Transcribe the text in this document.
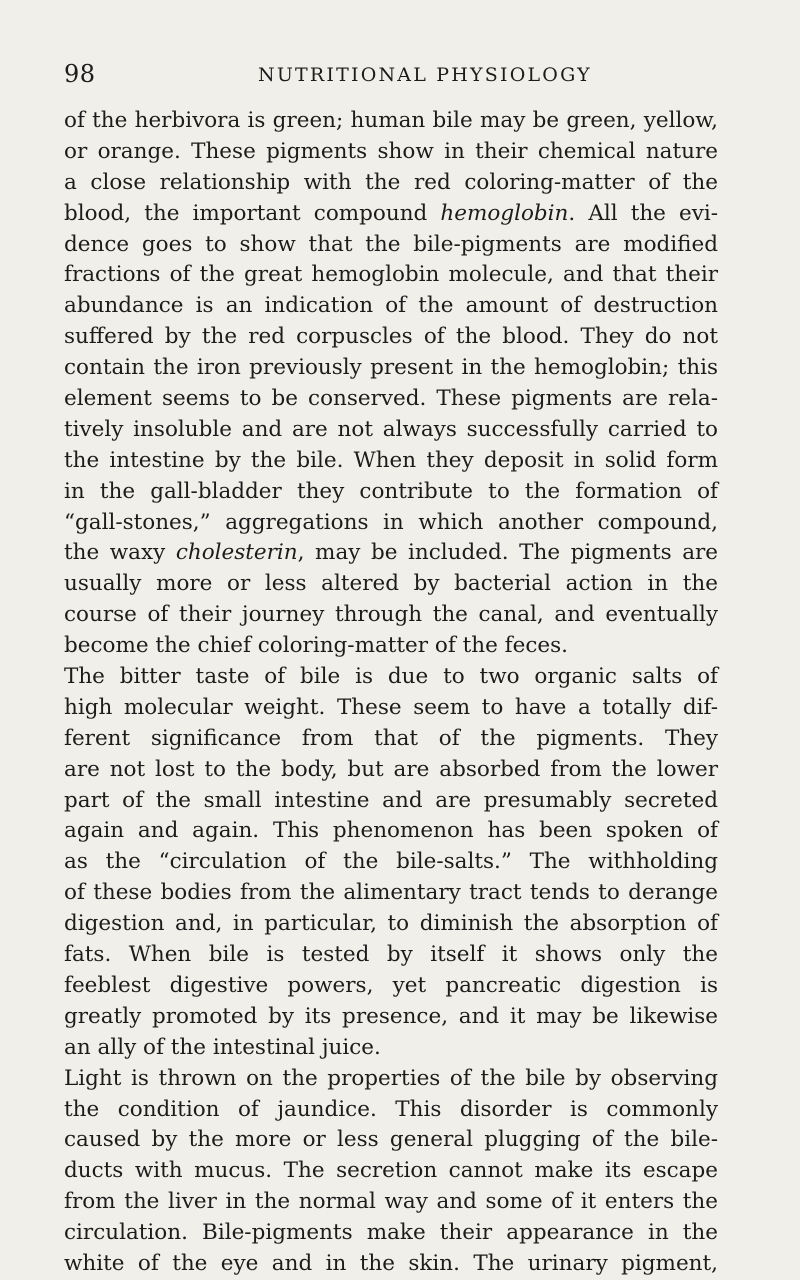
98	NUTRITIONAL PHYSIOLOGY
of the herbivora is green; human bile may be green, yellow,
or orange. These pigments show in their chemical nature
a close relationship with the red coloring-matter of the
blood, the important compound hemoglobin. All the evi-
dence goes to show that the bile-pigments are modified
fractions of the great hemoglobin molecule, and that their
abundance is an indication of the amount of destruction
suffered by the red corpuscles of the blood. They do not
contain the iron previously present in the hemoglobin; this
element seems to be conserved. These pigments are rela-
tively insoluble and are not always successfully carried to
the intestine by the bile. When they deposit in solid form
in the gall-bladder they contribute to the formation of
“gall-stones,” aggregations in which another compound,
the waxy cholesterin, may be included. The pigments are
usually more or less altered by bacterial action in the
course of their journey through the canal, and eventually
become the chief coloring-matter of the feces.
The bitter taste of bile is due to two organic salts of
high molecular weight. These seem to have a totally dif-
ferent significance from that of the pigments. They
are not lost to the body, but are absorbed from the lower
part of the small intestine and are presumably secreted
again and again. This phenomenon has been spoken of
as the “circulation of the bile-salts.” The withholding
of these bodies from the alimentary tract tends to derange
digestion and, in particular, to diminish the absorption of
fats. When bile is tested by itself it shows only the
feeblest digestive powers, yet pancreatic digestion is
greatly promoted by its presence, and it may be likewise
an ally of the intestinal juice.
Light is thrown on the properties of the bile by observing
the condition of jaundice. This disorder is commonly
caused by the more or less general plugging of the bile-
ducts with mucus. The secretion cannot make its escape
from the liver in the normal way and some of it enters the
circulation. Bile-pigments make their appearance in the
white of the eye and in the skin. The urinary pigment,
